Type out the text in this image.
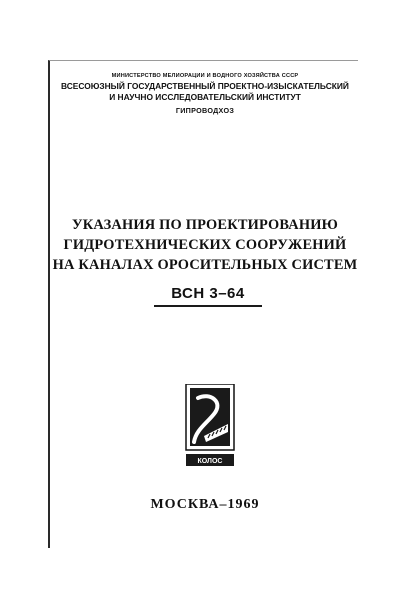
МИНИСТЕРСТВО МЕЛИОРАЦИИ И ВОДНОГО ХОЗЯЙСТВА СССР
ВСЕСОЮЗНЫЙ ГОСУДАРСТВЕННЫЙ ПРОЕКТНО-ИЗЫСКАТЕЛЬСКИЙ
И НАУЧНО ИССЛЕДОВАТЕЛЬСКИЙ ИНСТИТУТ
ГИПРОВОДХОЗ
УКАЗАНИЯ ПО ПРОЕКТИРОВАНИЮ
ГИДРОТЕХНИЧЕСКИХ СООРУЖЕНИЙ
НА КАНАЛАХ ОРОСИТЕЛЬНЫХ СИСТЕМ
ВСН 3–64
КОЛОС
МОСКВА–1969
